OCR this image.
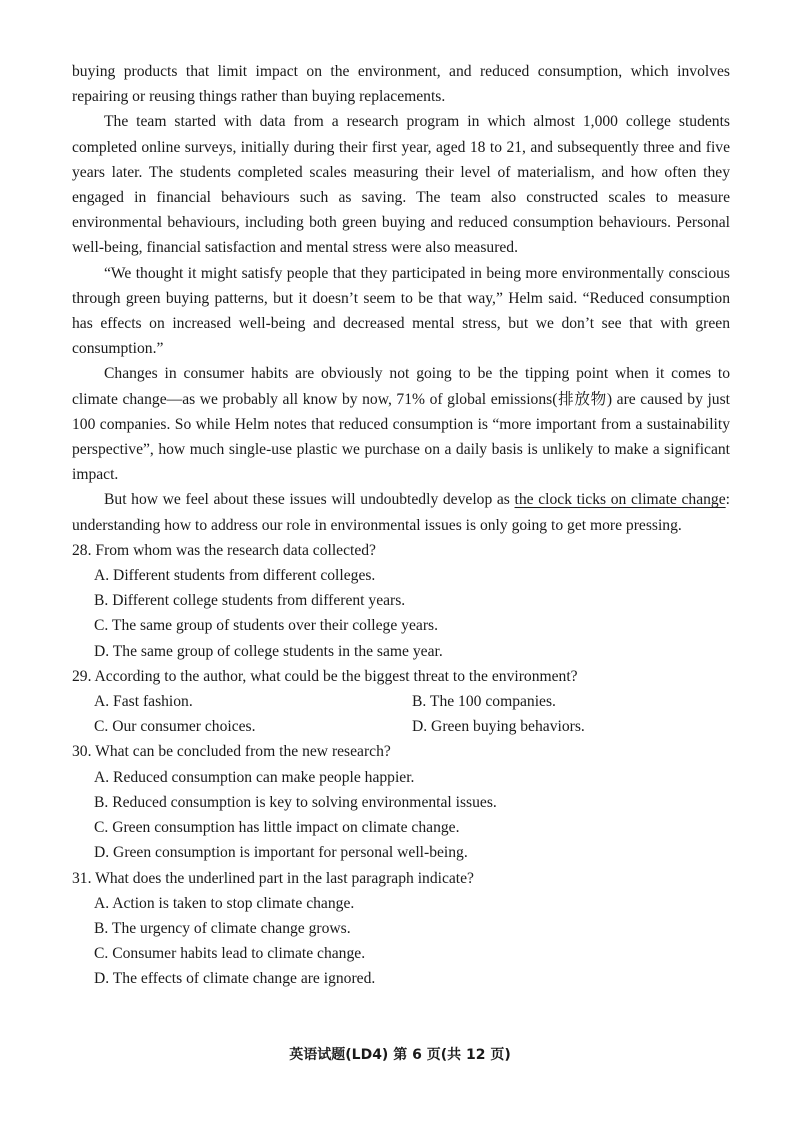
buying products that limit impact on the environment, and reduced consumption, which involves repairing or reusing things rather than buying replacements.

The team started with data from a research program in which almost 1,000 college students completed online surveys, initially during their first year, aged 18 to 21, and subsequently three and five years later. The students completed scales measuring their level of materialism, and how often they engaged in financial behaviours such as saving. The team also constructed scales to measure environmental behaviours, including both green buying and reduced consumption behaviours. Personal well-being, financial satisfaction and mental stress were also measured.

“We thought it might satisfy people that they participated in being more environmentally conscious through green buying patterns, but it doesn’t seem to be that way,” Helm said. “Reduced consumption has effects on increased well-being and decreased mental stress, but we don’t see that with green consumption.”

Changes in consumer habits are obviously not going to be the tipping point when it comes to climate change—as we probably all know by now, 71% of global emissions(排放物) are caused by just 100 companies. So while Helm notes that reduced consumption is “more important from a sustainability perspective”, how much single-use plastic we purchase on a daily basis is unlikely to make a significant impact.

But how we feel about these issues will undoubtedly develop as the clock ticks on climate change: understanding how to address our role in environmental issues is only going to get more pressing.

28. From whom was the research data collected?

A. Different students from different colleges.

B. Different college students from different years.

C. The same group of students over their college years.

D. The same group of college students in the same year.

29. According to the author, what could be the biggest threat to the environment?

A. Fast fashion.	B. The 100 companies.

C. Our consumer choices.	D. Green buying behaviors.

30. What can be concluded from the new research?

A. Reduced consumption can make people happier.

B. Reduced consumption is key to solving environmental issues.

C. Green consumption has little impact on climate change.

D. Green consumption is important for personal well-being.

31. What does the underlined part in the last paragraph indicate?

A. Action is taken to stop climate change.

B. The urgency of climate change grows.

C. Consumer habits lead to climate change.

D. The effects of climate change are ignored.

英语试题(LD4) 第 6 页(共 12 页)
